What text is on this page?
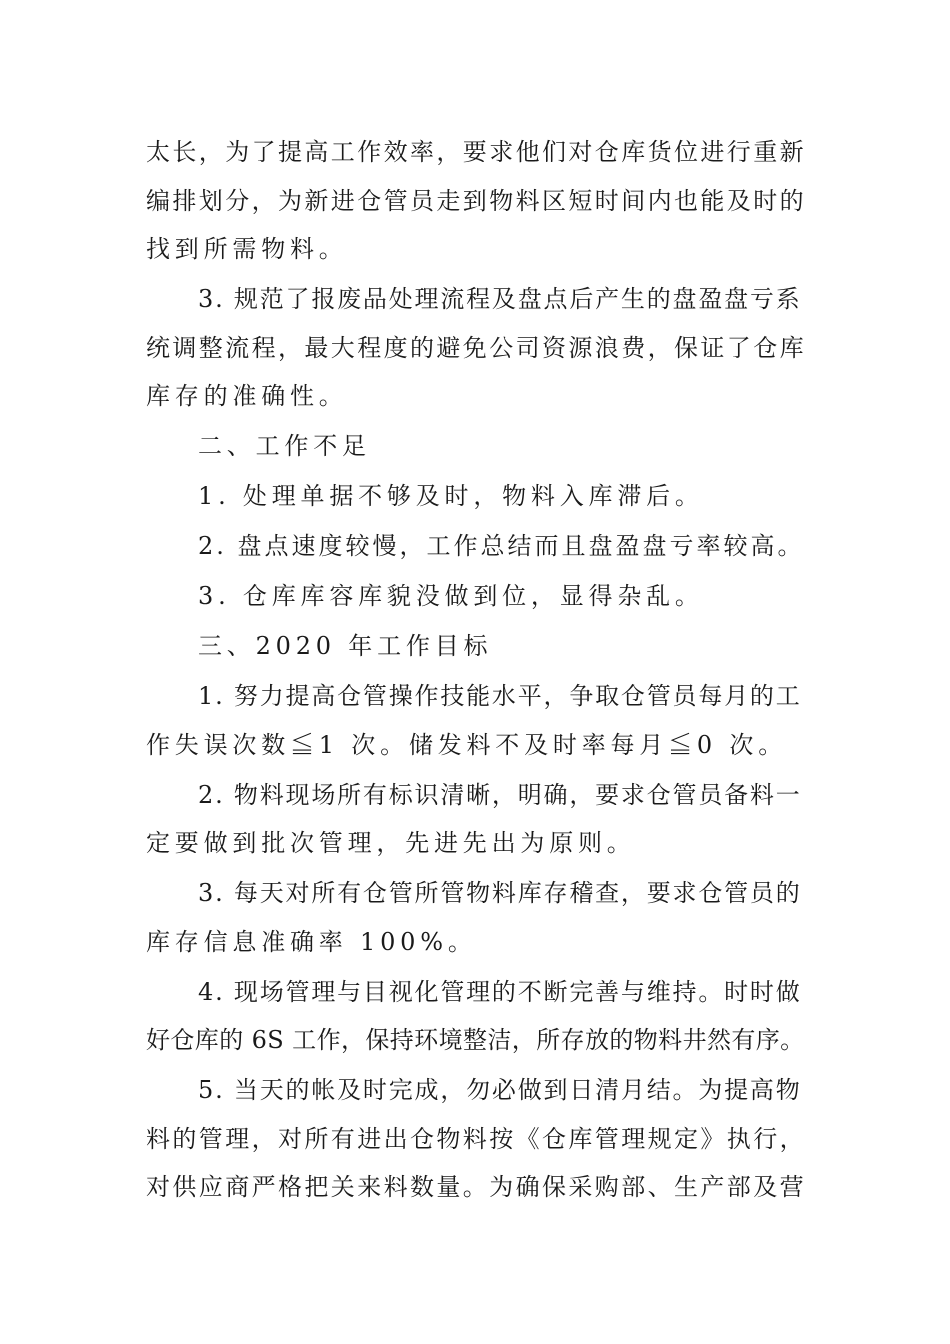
太长，为了提高工作效率，要求他们对仓库货位进行重新
编排划分，为新进仓管员走到物料区短时间内也能及时的
找到所需物料。
3. 规范了报废品处理流程及盘点后产生的盘盈盘亏系
统调整流程，最大程度的避免公司资源浪费，保证了仓库
库存的准确性。
二、工作不足
1. 处理单据不够及时，物料入库滞后。
2. 盘点速度较慢，工作总结而且盘盈盘亏率较高。
3. 仓库库容库貌没做到位，显得杂乱。
三、2020 年工作目标
1. 努力提高仓管操作技能水平，争取仓管员每月的工
作失误次数≦1 次。储发料不及时率每月≦0 次。
2. 物料现场所有标识清晰，明确，要求仓管员备料一
定要做到批次管理，先进先出为原则。
3. 每天对所有仓管所管物料库存稽查，要求仓管员的
库存信息准确率 100%。
4. 现场管理与目视化管理的不断完善与维持。时时做
好仓库的 6S 工作，保持环境整洁，所存放的物料井然有序。
5. 当天的帐及时完成，勿必做到日清月结。为提高物
料的管理，对所有进出仓物料按《仓库管理规定》执行，
对供应商严格把关来料数量。为确保采购部、生产部及营
